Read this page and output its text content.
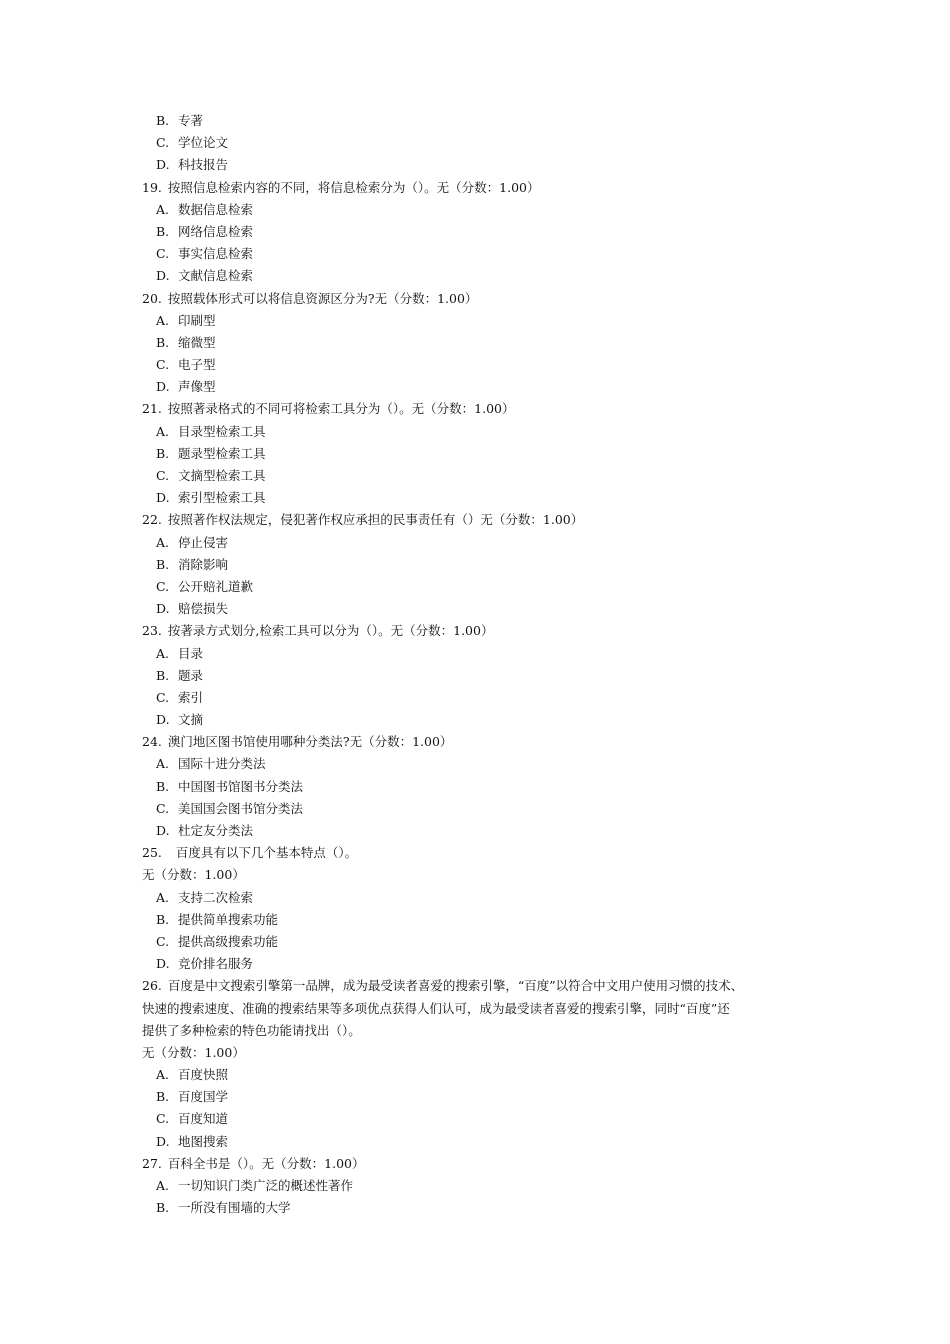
B. 专著
C. 学位论文
D. 科技报告
19. 按照信息检索内容的不同，将信息检索分为（）。无（分数：1.00）
A. 数据信息检索
B. 网络信息检索
C. 事实信息检索
D. 文献信息检索
20. 按照载体形式可以将信息资源区分为?无（分数：1.00）
A. 印刷型
B. 缩微型
C. 电子型
D. 声像型
21. 按照著录格式的不同可将检索工具分为（）。无（分数：1.00）
A. 目录型检索工具
B. 题录型检索工具
C. 文摘型检索工具
D. 索引型检索工具
22. 按照著作权法规定，侵犯著作权应承担的民事责任有（）无（分数：1.00）
A. 停止侵害
B. 消除影响
C. 公开赔礼道歉
D. 赔偿损失
23. 按著录方式划分,检索工具可以分为（）。无（分数：1.00）
A. 目录
B. 题录
C. 索引
D. 文摘
24. 澳门地区图书馆使用哪种分类法?无（分数：1.00）
A. 国际十进分类法
B. 中国图书馆图书分类法
C. 美国国会图书馆分类法
D. 杜定友分类法
25.  百度具有以下几个基本特点（）。
无（分数：1.00）
A. 支持二次检索
B. 提供简单搜索功能
C. 提供高级搜索功能
D. 竞价排名服务
26. 百度是中文搜索引擎第一品牌，成为最受读者喜爱的搜索引擎，“百度”以符合中文用户使用习惯的技术、
快速的搜索速度、准确的搜索结果等多项优点获得人们认可，成为最受读者喜爱的搜索引擎，同时“百度”还
提供了多种检索的特色功能请找出（）。
无（分数：1.00）
A. 百度快照
B. 百度国学
C. 百度知道
D. 地图搜索
27. 百科全书是（）。无（分数：1.00）
A. 一切知识门类广泛的概述性著作
B. 一所没有围墙的大学
